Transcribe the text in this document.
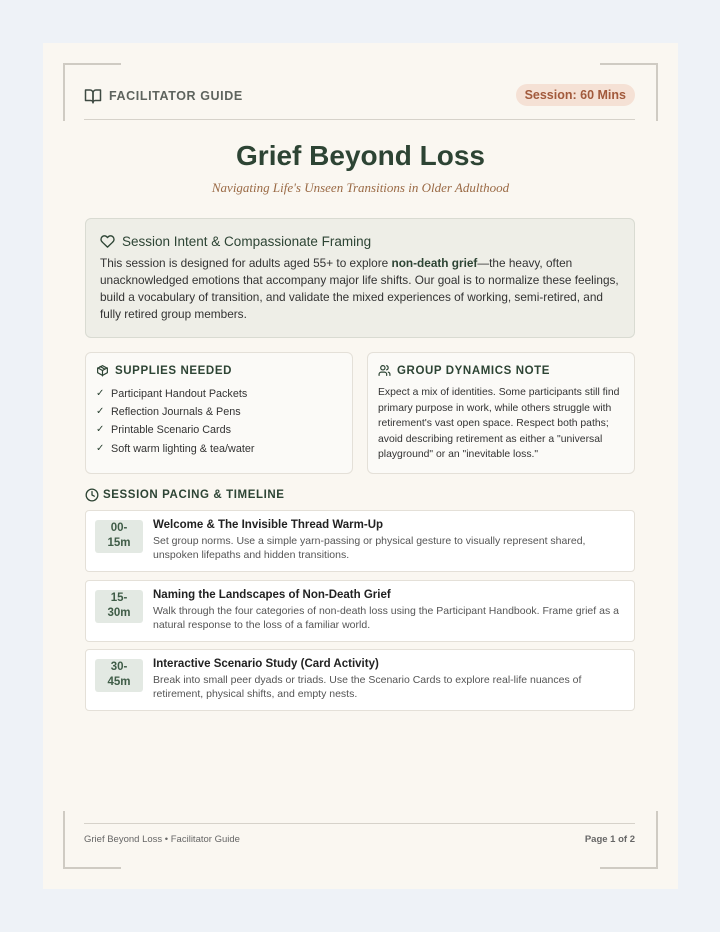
FACILITATOR GUIDE	Session: 60 Mins
Grief Beyond Loss
Navigating Life's Unseen Transitions in Older Adulthood
Session Intent & Compassionate Framing
This session is designed for adults aged 55+ to explore non-death grief—the heavy, often unacknowledged emotions that accompany major life shifts. Our goal is to normalize these feelings, build a vocabulary of transition, and validate the mixed experiences of working, semi-retired, and fully retired group members.
SUPPLIES NEEDED
✓ Participant Handout Packets
✓ Reflection Journals & Pens
✓ Printable Scenario Cards
✓ Soft warm lighting & tea/water
GROUP DYNAMICS NOTE
Expect a mix of identities. Some participants still find primary purpose in work, while others struggle with retirement's vast open space. Respect both paths; avoid describing retirement as either a "universal playground" or an "inevitable loss."
SESSION PACING & TIMELINE
00-
15m
Welcome & The Invisible Thread Warm-Up
Set group norms. Use a simple yarn-passing or physical gesture to visually represent shared, unspoken lifepaths and hidden transitions.
15-
30m
Naming the Landscapes of Non-Death Grief
Walk through the four categories of non-death loss using the Participant Handbook. Frame grief as a natural response to the loss of a familiar world.
30-
45m
Interactive Scenario Study (Card Activity)
Break into small peer dyads or triads. Use the Scenario Cards to explore real-life nuances of retirement, physical shifts, and empty nests.
Grief Beyond Loss • Facilitator Guide	Page 1 of 2
